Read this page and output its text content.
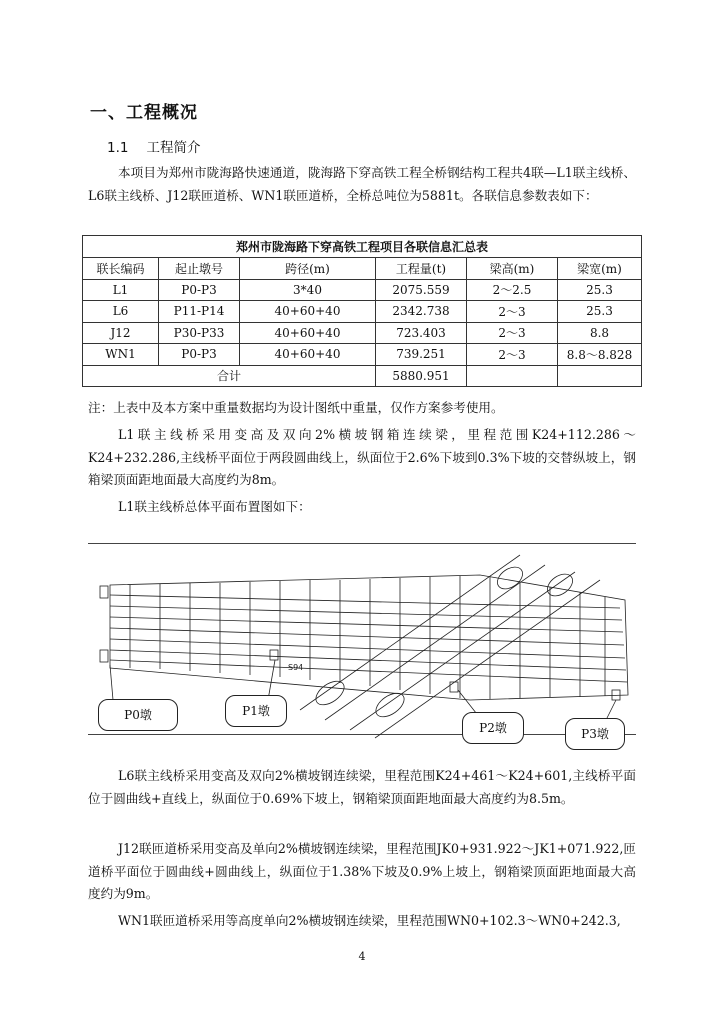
一、工程概况
1.1 工程简介
本项目为郑州市陇海路快速通道，陇海路下穿高铁工程全桥钢结构工程共4联—L1联主线桥、L6联主线桥、J12联匝道桥、WN1联匝道桥，全桥总吨位为5881t。各联信息参数表如下：
郑州市陇海路下穿高铁工程项目各联信息汇总表					
联长编码	起止墩号	跨径(m)	工程量(t)	梁高(m)	梁宽(m)
L1	P0-P3	3*40	2075.559	2～2.5	25.3
L6	P11-P14	40+60+40	2342.738	2～3	25.3
J12	P30-P33	40+60+40	723.403	2～3	8.8
WN1	P0-P3	40+60+40	739.251	2～3	8.8～8.828
合计			5880.951		
注：上表中及本方案中重量数据均为设计图纸中重量，仅作方案参考使用。
L1联主线桥采用变高及双向2%横坡钢箱连续梁，里程范围K24+112.286～K24+232.286,主线桥平面位于两段圆曲线上，纵面位于2.6%下坡到0.3%下坡的交替纵坡上，钢箱梁顶面距地面最大高度约为8m。
L1联主线桥总体平面布置图如下：
S94
P0墩	P1墩
P2墩	P3墩
L6联主线桥采用变高及双向2%横坡钢连续梁，里程范围K24+461～K24+601,主线桥平面位于圆曲线+直线上，纵面位于0.69%下坡上，钢箱梁顶面距地面最大高度约为8.5m。
J12联匝道桥采用变高及单向2%横坡钢连续梁，里程范围JK0+931.922～JK1+071.922,匝道桥平面位于圆曲线+圆曲线上，纵面位于1.38%下坡及0.9%上坡上，钢箱梁顶面距地面最大高度约为9m。
WN1联匝道桥采用等高度单向2%横坡钢连续梁，里程范围WN0+102.3～WN0+242.3,
4
